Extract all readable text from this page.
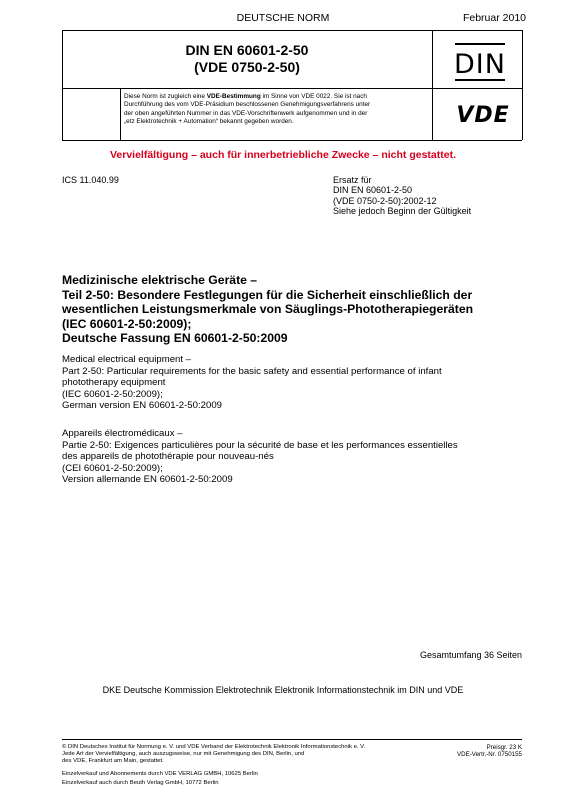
DEUTSCHE NORM	Februar 2010
DIN EN 60601-2-50
(VDE 0750-2-50)	DIN
Diese Norm ist zugleich eine VDE-Bestimmung im Sinne von VDE 0022. Sie ist nach
Durchführung des vom VDE-Präsidium beschlossenen Genehmigungsverfahrens unter
der oben angeführten Nummer in das VDE-Vorschriftenwerk aufgenommen und in der
„etz Elektrotechnik + Automation“ bekannt gegeben worden.	VDE
Vervielfältigung – auch für innerbetriebliche Zwecke – nicht gestattet.
ICS 11.040.99	Ersatz für
DIN EN 60601-2-50
(VDE 0750-2-50):2002-12
Siehe jedoch Beginn der Gültigkeit
Medizinische elektrische Geräte –
Teil 2-50: Besondere Festlegungen für die Sicherheit einschließlich der
wesentlichen Leistungsmerkmale von Säuglings-Phototherapiegeräten
(IEC 60601-2-50:2009);
Deutsche Fassung EN 60601-2-50:2009
Medical electrical equipment –
Part 2-50: Particular requirements for the basic safety and essential performance of infant
phototherapy equipment
(IEC 60601-2-50:2009);
German version EN 60601-2-50:2009
Appareils électromédicaux –
Partie 2-50: Exigences particulières pour la sécurité de base et les performances essentielles
des appareils de photothérapie pour nouveau-nés
(CEI 60601-2-50:2009);
Version allemande EN 60601-2-50:2009
Gesamtumfang 36 Seiten
DKE Deutsche Kommission Elektrotechnik Elektronik Informationstechnik im DIN und VDE
© DIN Deutsches Institut für Normung e. V. und VDE Verband der Elektrotechnik Elektronik Informationstechnik e. V.
Jede Art der Vervielfältigung, auch auszugsweise, nur mit Genehmigung des DIN, Berlin, und
des VDE, Frankfurt am Main, gestattet.
Preisgr. 23 K
VDE-Vertr.-Nr. 0750155
Einzelverkauf und Abonnements durch VDE VERLAG GMBH, 10625 Berlin
Einzelverkauf auch durch Beuth Verlag GmbH, 10772 Berlin
